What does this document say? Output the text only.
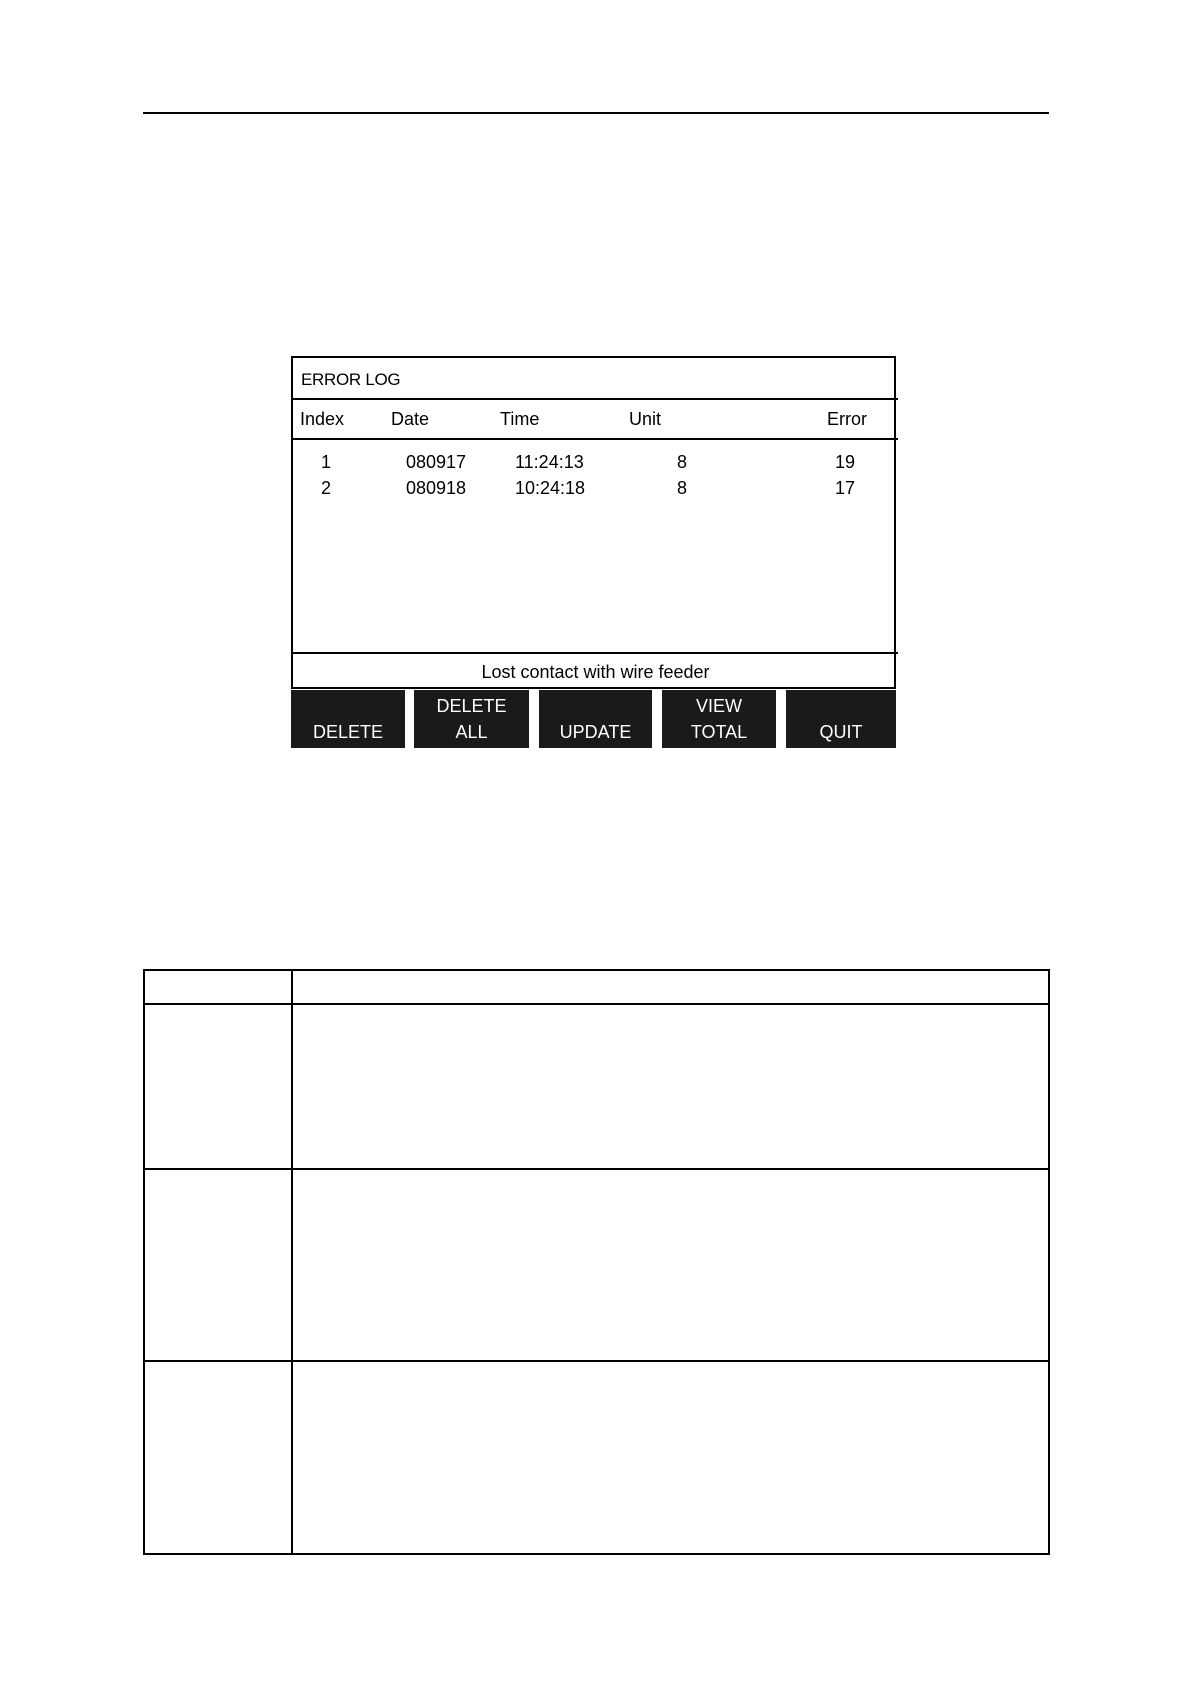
ERROR LOG
Index	Date	Time	Unit	Error
1	080917	11:24:13	8	19
2	080918	10:24:18	8	17
Lost contact with wire feeder
DELETE
DELETE
ALL	UPDATE
VIEW
TOTAL	QUIT
